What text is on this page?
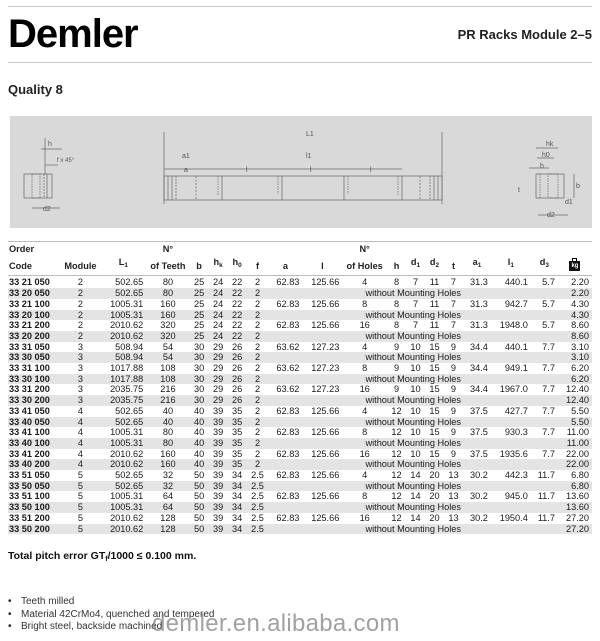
Demler	PR Racks Module 2–5
Quality 8
h
f x 45°
d2
L1
a1	l1
a	l	l	l
hk
h0
h
t
d1
d2
b
Order			N°							N°								
Code	Module	$L_1$	of Teeth	b	$h_k$	$h_0$	f	a	l	of Holes	h	$d_1$	$d_2$	t	$a_1$	$l_1$	$d_3$	kg

33 21 050	2	502.65	80	25	24	22	2	62.83	125.66	4	8	7	11	7	31.3	440.1	5.7	2.20
33 20 050	2	502.65	80	25	24	22	2	without Mounting Holes										2.20
33 21 100	2	1005.31	160	25	24	22	2	62.83	125.66	8	8	7	11	7	31.3	942.7	5.7	4.30
33 20 100	2	1005.31	160	25	24	22	2	without Mounting Holes										4.30
33 21 200	2	2010.62	320	25	24	22	2	62.83	125.66	16	8	7	11	7	31.3	1948.0	5.7	8.60
33 20 200	2	2010.62	320	25	24	22	2	without Mounting Holes										8.60
33 31 050	3	508.94	54	30	29	26	2	63.62	127.23	4	9	10	15	9	34.4	440.1	7.7	3.10
33 30 050	3	508.94	54	30	29	26	2	without Mounting Holes										3.10
33 31 100	3	1017.88	108	30	29	26	2	63.62	127.23	8	9	10	15	9	34.4	949.1	7.7	6.20
33 30 100	3	1017.88	108	30	29	26	2	without Mounting Holes										6.20
33 31 200	3	2035.75	216	30	29	26	2	63.62	127.23	16	9	10	15	9	34.4	1967.0	7.7	12.40
33 30 200	3	2035.75	216	30	29	26	2	without Mounting Holes										12.40
33 41 050	4	502.65	40	40	39	35	2	62.83	125.66	4	12	10	15	9	37.5	427.7	7.7	5.50
33 40 050	4	502.65	40	40	39	35	2	without Mounting Holes										5.50
33 41 100	4	1005.31	80	40	39	35	2	62.83	125.66	8	12	10	15	9	37.5	930.3	7.7	11.00
33 40 100	4	1005.31	80	40	39	35	2	without Mounting Holes										11.00
33 41 200	4	2010.62	160	40	39	35	2	62.83	125.66	16	12	10	15	9	37.5	1935.6	7.7	22.00
33 40 200	4	2010.62	160	40	39	35	2	without Mounting Holes										22.00
33 51 050	5	502.65	32	50	39	34	2.5	62.83	125.66	4	12	14	20	13	30.2	442.3	11.7	6.80
33 50 050	5	502.65	32	50	39	34	2.5	without Mounting Holes										6.80
33 51 100	5	1005.31	64	50	39	34	2.5	62.83	125.66	8	12	14	20	13	30.2	945.0	11.7	13.60
33 50 100	5	1005.31	64	50	39	34	2.5	without Mounting Holes										13.60
33 51 200	5	2010.62	128	50	39	34	2.5	62.83	125.66	16	12	14	20	13	30.2	1950.4	11.7	27.20
33 50 200	5	2010.62	128	50	39	34	2.5	without Mounting Holes										27.20
Total pitch error $GT_f/1000 \le 0.100$ mm.
• Teeth milled
• Material 42CrMo4, quenched and tempered
• Bright steel, backside machined
demler.en.alibaba.com
